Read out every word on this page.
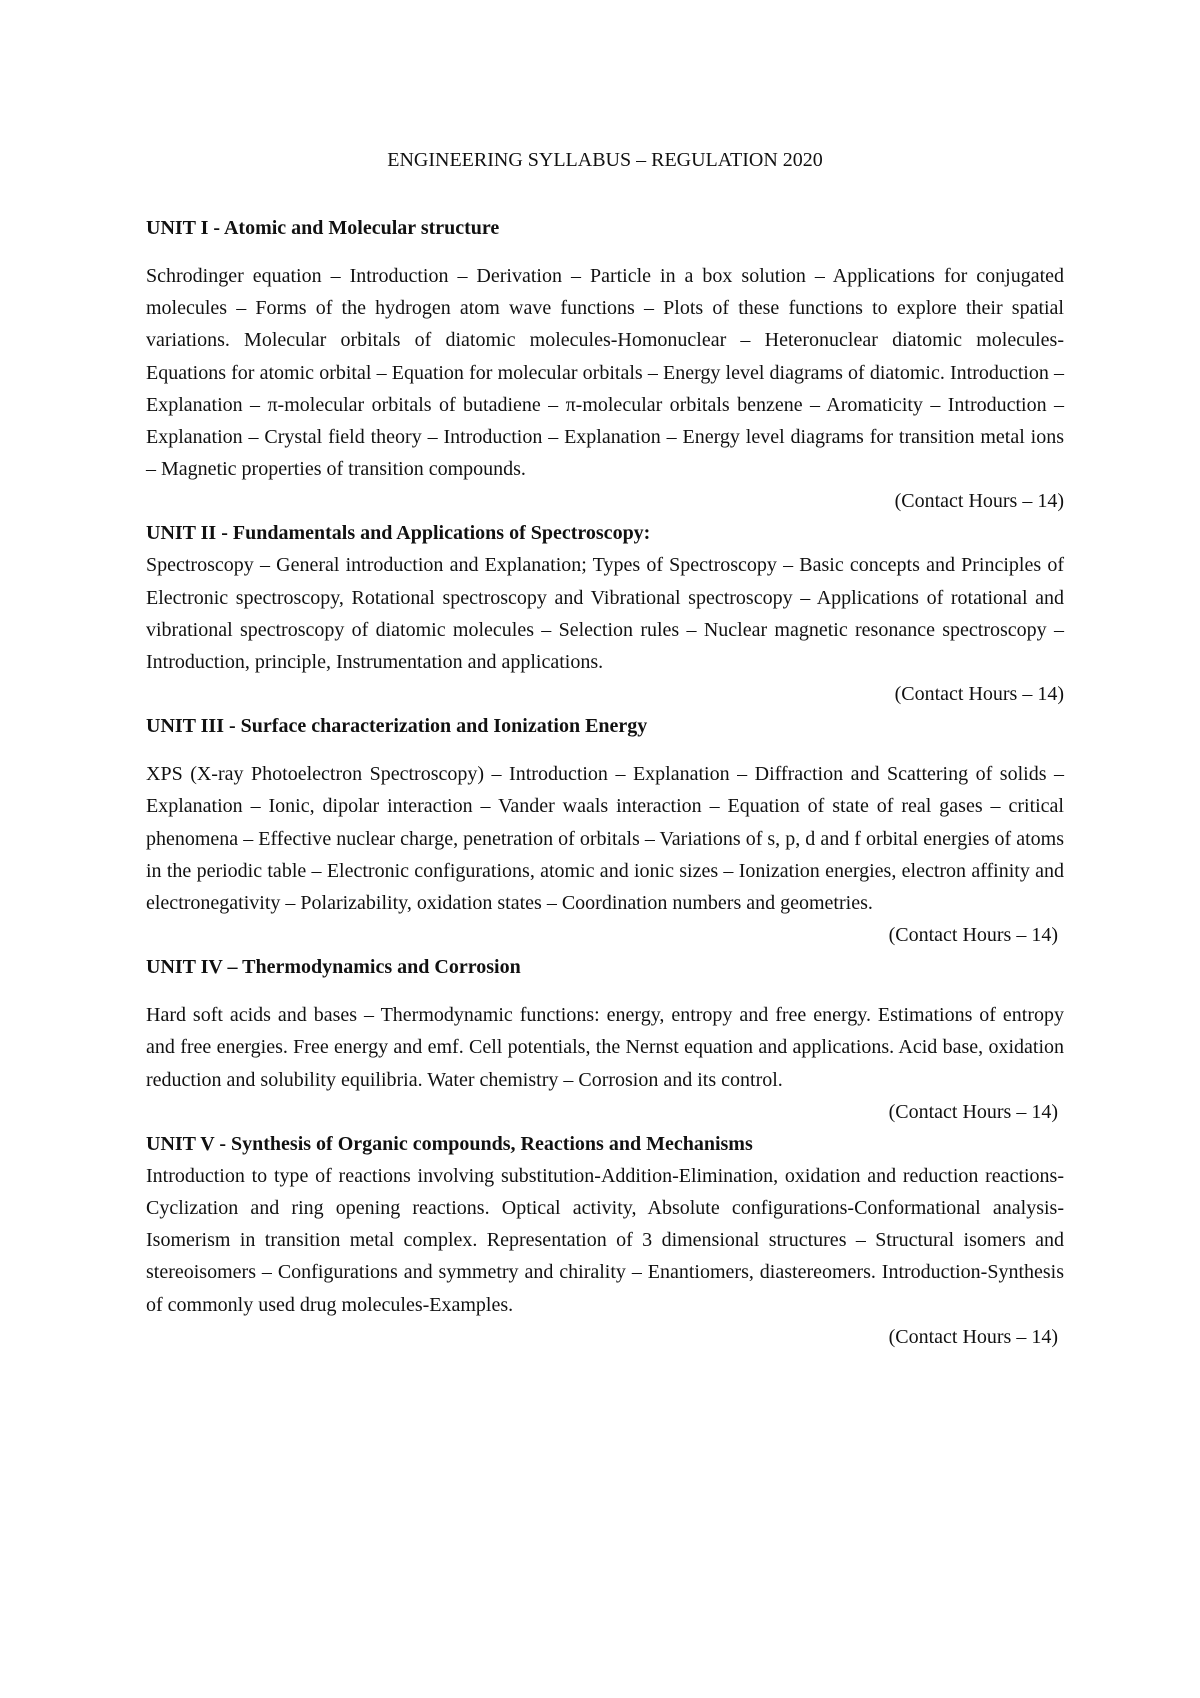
ENGINEERING SYLLABUS – REGULATION 2020
UNIT I - Atomic and Molecular structure

Schrodinger equation – Introduction – Derivation – Particle in a box solution – Applications for conjugated molecules – Forms of the hydrogen atom wave functions – Plots of these functions to explore their spatial variations. Molecular orbitals of diatomic molecules-Homonuclear – Heteronuclear diatomic molecules- Equations for atomic orbital – Equation for molecular orbitals – Energy level diagrams of diatomic. Introduction – Explanation – π-molecular orbitals of butadiene – π-molecular orbitals benzene – Aromaticity – Introduction – Explanation – Crystal field theory – Introduction – Explanation – Energy level diagrams for transition metal ions – Magnetic properties of transition compounds.

(Contact Hours – 14)

UNIT II - Fundamentals and Applications of Spectroscopy:

Spectroscopy – General introduction and Explanation; Types of Spectroscopy – Basic concepts and Principles of Electronic spectroscopy, Rotational spectroscopy and Vibrational spectroscopy – Applications of rotational and vibrational spectroscopy of diatomic molecules – Selection rules – Nuclear magnetic resonance spectroscopy – Introduction, principle, Instrumentation and applications.

(Contact Hours – 14)

UNIT III - Surface characterization and Ionization Energy

XPS (X-ray Photoelectron Spectroscopy) – Introduction – Explanation – Diffraction and Scattering of solids – Explanation – Ionic, dipolar interaction – Vander waals interaction – Equation of state of real gases – critical phenomena – Effective nuclear charge, penetration of orbitals – Variations of s, p, d and f orbital energies of atoms in the periodic table – Electronic configurations, atomic and ionic sizes – Ionization energies, electron affinity and electronegativity – Polarizability, oxidation states – Coordination numbers and geometries.

(Contact Hours – 14)

UNIT IV – Thermodynamics and Corrosion

Hard soft acids and bases – Thermodynamic functions: energy, entropy and free energy. Estimations of entropy and free energies. Free energy and emf. Cell potentials, the Nernst equation and applications. Acid base, oxidation reduction and solubility equilibria. Water chemistry – Corrosion and its control.

(Contact Hours – 14)

UNIT V - Synthesis of Organic compounds, Reactions and Mechanisms

Introduction to type of reactions involving substitution-Addition-Elimination, oxidation and reduction reactions- Cyclization and ring opening reactions. Optical activity, Absolute configurations-Conformational analysis-Isomerism in transition metal complex. Representation of 3 dimensional structures – Structural isomers and stereoisomers – Configurations and symmetry and chirality – Enantiomers, diastereomers. Introduction-Synthesis of commonly used drug molecules-Examples.

(Contact Hours – 14)
